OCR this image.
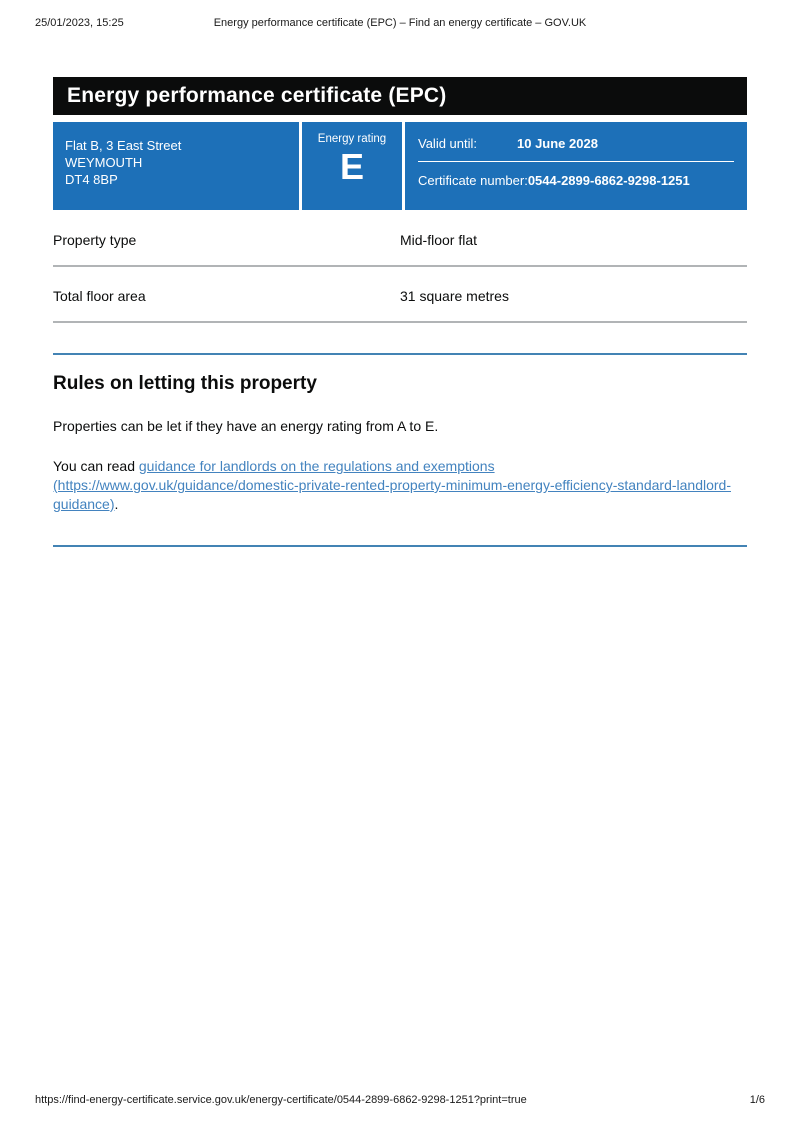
25/01/2023, 15:25	Energy performance certificate (EPC) – Find an energy certificate – GOV.UK
Energy performance certificate (EPC)
Flat B, 3 East Street
WEYMOUTH
DT4 8BP
Energy rating
E
Valid until:	10 June 2028
Certificate number: 0544-2899-6862-9298-1251
Property type	Mid-floor flat
Total floor area	31 square metres
Rules on letting this property

Properties can be let if they have an energy rating from A to E.

You can read guidance for landlords on the regulations and exemptions
(https://www.gov.uk/guidance/domestic-private-rented-property-minimum-energy-efficiency-standard-landlord-
guidance).

https://find-energy-certificate.service.gov.uk/energy-certificate/0544-2899-6862-9298-1251?print=true	1/6
